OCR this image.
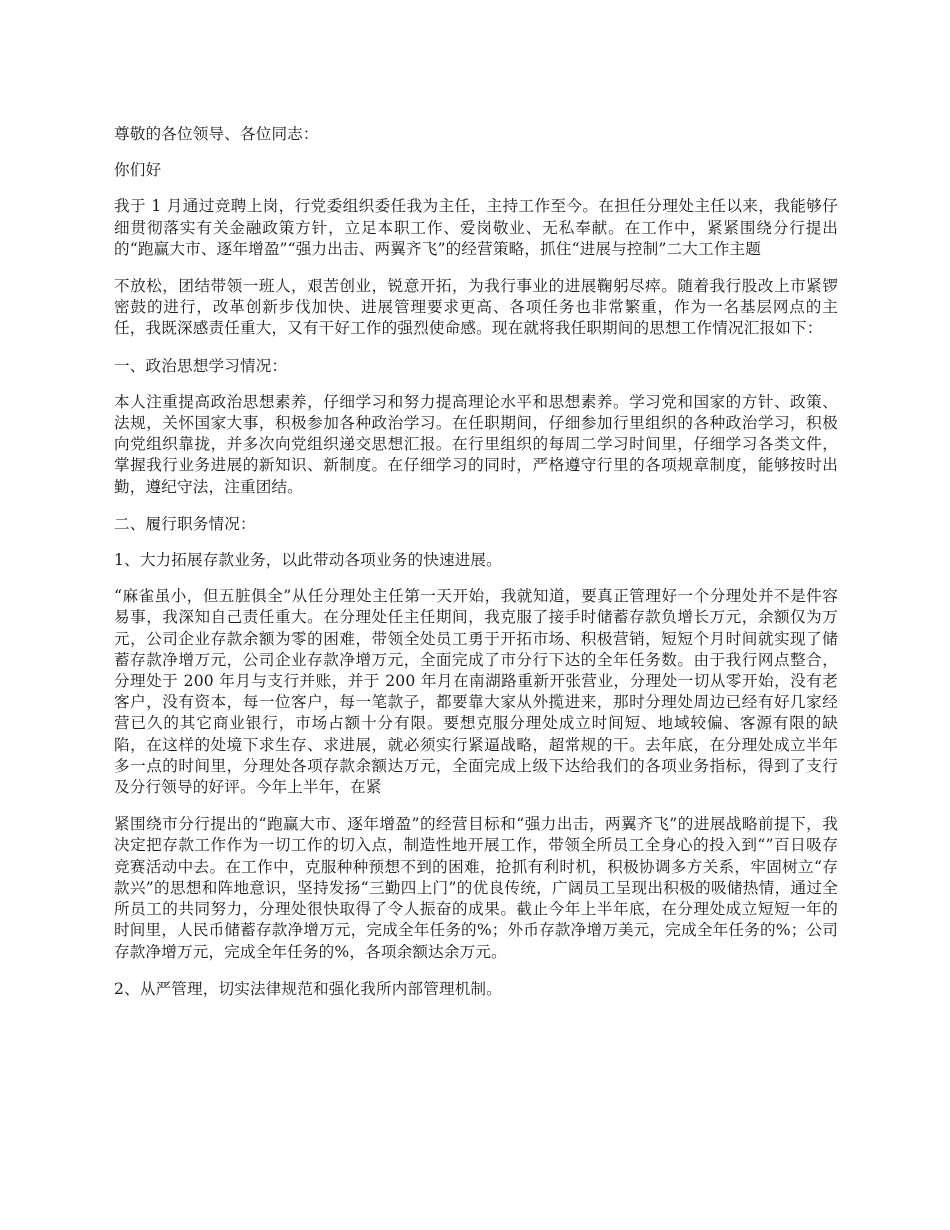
尊敬的各位领导、各位同志：

你们好

我于 1 月通过竞聘上岗，行党委组织委任我为主任，主持工作至今。在担任分理处主任以来，我能够仔细贯彻落实有关金融政策方针，立足本职工作、爱岗敬业、无私奉献。在工作中，紧紧围绕分行提出的“跑赢大市、逐年增盈”“强力出击、两翼齐飞”的经营策略，抓住“进展与控制”二大工作主题

不放松，团结带领一班人，艰苦创业，锐意开拓，为我行事业的进展鞠躬尽瘁。随着我行股改上市紧锣密鼓的进行，改革创新步伐加快、进展管理要求更高、各项任务也非常繁重，作为一名基层网点的主任，我既深感责任重大，又有干好工作的强烈使命感。现在就将我任职期间的思想工作情况汇报如下：

一、政治思想学习情况：

本人注重提高政治思想素养，仔细学习和努力提高理论水平和思想素养。学习党和国家的方针、政策、法规，关怀国家大事，积极参加各种政治学习。在任职期间，仔细参加行里组织的各种政治学习，积极向党组织靠拢，并多次向党组织递交思想汇报。在行里组织的每周二学习时间里，仔细学习各类文件，掌握我行业务进展的新知识、新制度。在仔细学习的同时，严格遵守行里的各项规章制度，能够按时出勤，遵纪守法，注重团结。

二、履行职务情况：

1、大力拓展存款业务，以此带动各项业务的快速进展。

“麻雀虽小，但五脏俱全”从任分理处主任第一天开始，我就知道，要真正管理好一个分理处并不是件容易事，我深知自己责任重大。在分理处任主任期间，我克服了接手时储蓄存款负增长万元，余额仅为万元，公司企业存款余额为零的困难，带领全处员工勇于开拓市场、积极营销，短短个月时间就实现了储蓄存款净增万元，公司企业存款净增万元，全面完成了市分行下达的全年任务数。由于我行网点整合，分理处于 200 年月与支行并账，并于 200 年月在南湖路重新开张营业，分理处一切从零开始，没有老客户，没有资本，每一位客户，每一笔款子，都要靠大家从外揽进来，那时分理处周边已经有好几家经营已久的其它商业银行，市场占额十分有限。要想克服分理处成立时间短、地域较偏、客源有限的缺陷，在这样的处境下求生存、求进展，就必须实行紧逼战略，超常规的干。去年底，在分理处成立半年多一点的时间里，分理处各项存款余额达万元，全面完成上级下达给我们的各项业务指标，得到了支行及分行领导的好评。今年上半年，在紧

紧围绕市分行提出的“跑赢大市、逐年增盈”的经营目标和“强力出击，两翼齐飞”的进展战略前提下，我决定把存款工作作为一切工作的切入点，制造性地开展工作，带领全所员工全身心的投入到“”百日吸存竞赛活动中去。在工作中，克服种种预想不到的困难，抢抓有利时机，积极协调多方关系，牢固树立“存款兴”的思想和阵地意识，坚持发扬“三勤四上门”的优良传统，广阔员工呈现出积极的吸储热情，通过全所员工的共同努力，分理处很快取得了令人振奋的成果。截止今年上半年底，在分理处成立短短一年的时间里，人民币储蓄存款净增万元，完成全年任务的%；外币存款净增万美元，完成全年任务的%；公司存款净增万元，完成全年任务的%，各项余额达余万元。

2、从严管理，切实法律规范和强化我所内部管理机制。
